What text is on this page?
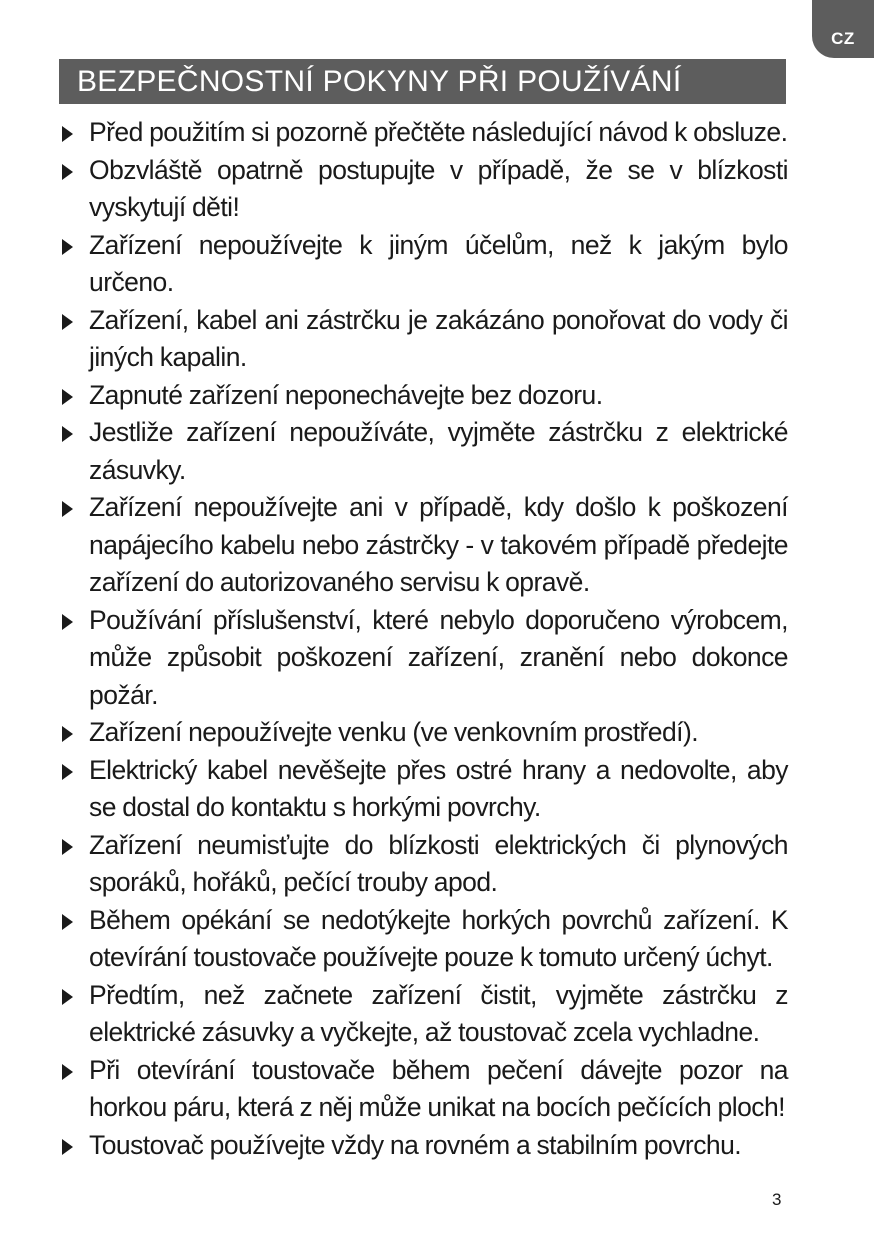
CZ
BEZPEČNOSTNÍ POKYNY PŘI POUŽÍVÁNÍ
Před použitím si pozorně přečtěte následující návod k obsluze.
Obzvláště opatrně postupujte v případě, že se v blízkosti vyskytují děti!
Zařízení nepoužívejte k jiným účelům, než k jakým bylo určeno.
Zařízení, kabel ani zástrčku je zakázáno ponořovat do vody či jiných kapalin.
Zapnuté zařízení neponechávejte bez dozoru.
Jestliže zařízení nepoužíváte, vyjměte zástrčku z elektrické zásuvky.
Zařízení nepoužívejte ani v případě, kdy došlo k poškození napájecího kabelu nebo zástrčky - v takovém případě předejte zařízení do autorizovaného servisu k opravě.
Používání příslušenství, které nebylo doporučeno výrobcem, může způsobit poškození zařízení, zranění nebo dokonce požár.
Zařízení nepoužívejte venku (ve venkovním prostředí).
Elektrický kabel nevěšejte přes ostré hrany a nedovolte, aby se dostal do kontaktu s horkými povrchy.
Zařízení neumisťujte do blízkosti elektrických či plynových sporáků, hořáků, pečící trouby apod.
Během opékání se nedotýkejte horkých povrchů zařízení. K otevírání toustovače používejte pouze k tomuto určený úchyt.
Předtím, než začnete zařízení čistit, vyjměte zástrčku z elektrické zásuvky a vyčkejte, až toustovač zcela vychladne.
Při otevírání toustovače během pečení dávejte pozor na horkou páru, která z něj může unikat na bocích pečících ploch!
Toustovač používejte vždy na rovném a stabilním povrchu.
3
